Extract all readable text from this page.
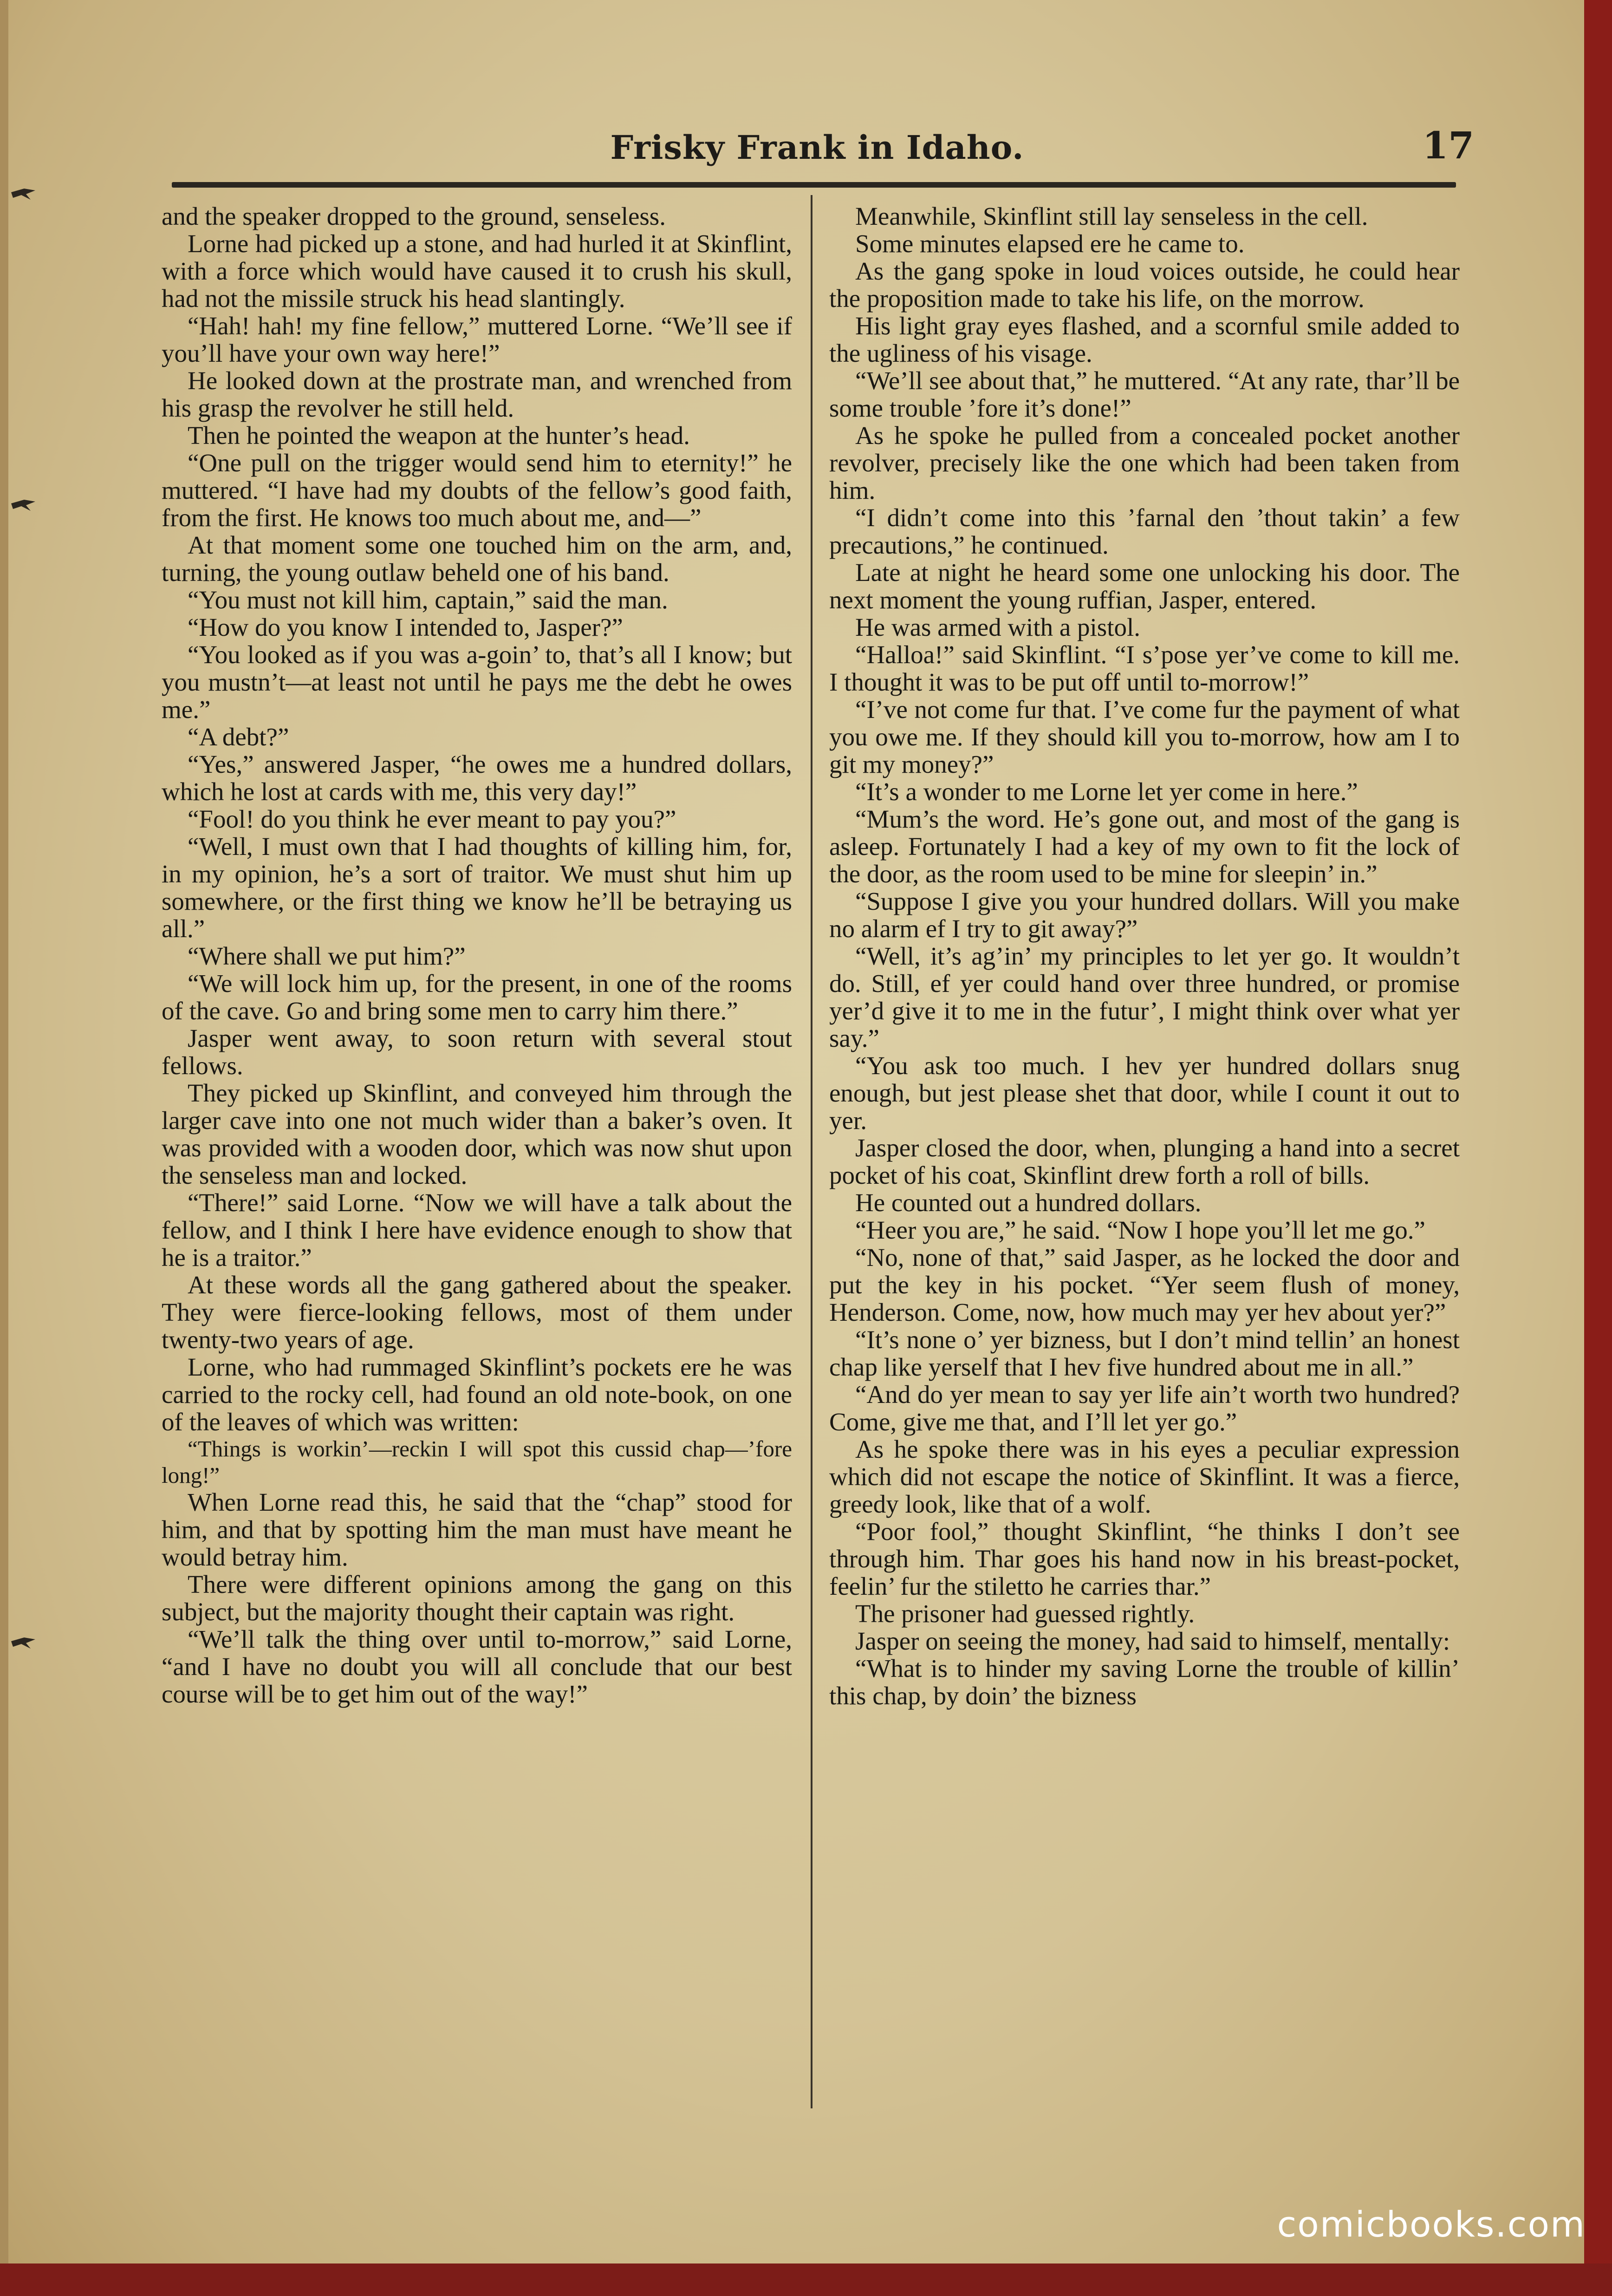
Frisky Frank in Idaho.	17

and the speaker dropped to the ground, senseless.

Lorne had picked up a stone, and had hurled it at Skinflint, with a force which would have caused it to crush his skull, had not the missile struck his head slantingly.

“Hah! hah! my fine fellow,” muttered Lorne. “We’ll see if you’ll have your own way here!”

He looked down at the prostrate man, and wrenched from his grasp the revolver he still held.

Then he pointed the weapon at the hunter’s head.

“One pull on the trigger would send him to eternity!” he muttered. “I have had my doubts of the fellow’s good faith, from the first. He knows too much about me, and—”

At that moment some one touched him on the arm, and, turning, the young outlaw beheld one of his band.

“You must not kill him, captain,” said the man.

“How do you know I intended to, Jasper?”

“You looked as if you was a-goin’ to, that’s all I know; but you mustn’t—at least not until he pays me the debt he owes me.”

“A debt?”

“Yes,” answered Jasper, “he owes me a hundred dollars, which he lost at cards with me, this very day!”

“Fool! do you think he ever meant to pay you?”

“Well, I must own that I had thoughts of killing him, for, in my opinion, he’s a sort of traitor. We must shut him up somewhere, or the first thing we know he’ll be betraying us all.”

“Where shall we put him?”

“We will lock him up, for the present, in one of the rooms of the cave. Go and bring some men to carry him there.”

Jasper went away, to soon return with several stout fellows.

They picked up Skinflint, and conveyed him through the larger cave into one not much wider than a baker’s oven. It was provided with a wooden door, which was now shut upon the senseless man and locked.

“There!” said Lorne. “Now we will have a talk about the fellow, and I think I here have evidence enough to show that he is a traitor.”

At these words all the gang gathered about the speaker. They were fierce-looking fellows, most of them under twenty-two years of age.

Lorne, who had rummaged Skinflint’s pockets ere he was carried to the rocky cell, had found an old note-book, on one of the leaves of which was written:

“Things is workin’—reckin I will spot this cussid chap—’fore long!”

When Lorne read this, he said that the “chap” stood for him, and that by spotting him the man must have meant he would betray him.

There were different opinions among the gang on this subject, but the majority thought their captain was right.

“We’ll talk the thing over until to-morrow,” said Lorne, “and I have no doubt you will all conclude that our best course will be to get him out of the way!”

Meanwhile, Skinflint still lay senseless in the cell.

Some minutes elapsed ere he came to.

As the gang spoke in loud voices outside, he could hear the proposition made to take his life, on the morrow.

His light gray eyes flashed, and a scornful smile added to the ugliness of his visage.

“We’ll see about that,” he muttered. “At any rate, thar’ll be some trouble ’fore it’s done!”

As he spoke he pulled from a concealed pocket another revolver, precisely like the one which had been taken from him.

“I didn’t come into this ’farnal den ’thout takin’ a few precautions,” he continued.

Late at night he heard some one unlocking his door. The next moment the young ruffian, Jasper, entered.

He was armed with a pistol.

“Halloa!” said Skinflint. “I s’pose yer’ve come to kill me. I thought it was to be put off until to-morrow!”

“I’ve not come fur that. I’ve come fur the payment of what you owe me. If they should kill you to-morrow, how am I to git my money?”

“It’s a wonder to me Lorne let yer come in here.”

“Mum’s the word. He’s gone out, and most of the gang is asleep. Fortunately I had a key of my own to fit the lock of the door, as the room used to be mine for sleepin’ in.”

“Suppose I give you your hundred dollars. Will you make no alarm ef I try to git away?”

“Well, it’s ag’in’ my principles to let yer go. It wouldn’t do. Still, ef yer could hand over three hundred, or promise yer’d give it to me in the futur’, I might think over what yer say.”

“You ask too much. I hev yer hundred dollars snug enough, but jest please shet that door, while I count it out to yer.

Jasper closed the door, when, plunging a hand into a secret pocket of his coat, Skinflint drew forth a roll of bills.

He counted out a hundred dollars.

“Heer you are,” he said. “Now I hope you’ll let me go.”

“No, none of that,” said Jasper, as he locked the door and put the key in his pocket. “Yer seem flush of money, Henderson. Come, now, how much may yer hev about yer?”

“It’s none o’ yer bizness, but I don’t mind tellin’ an honest chap like yerself that I hev five hundred about me in all.”

“And do yer mean to say yer life ain’t worth two hundred? Come, give me that, and I’ll let yer go.”

As he spoke there was in his eyes a peculiar expression which did not escape the notice of Skinflint. It was a fierce, greedy look, like that of a wolf.

“Poor fool,” thought Skinflint, “he thinks I don’t see through him. Thar goes his hand now in his breast-pocket, feelin’ fur the stiletto he carries thar.”

The prisoner had guessed rightly.

Jasper on seeing the money, had said to himself, mentally:

“What is to hinder my saving Lorne the trouble of killin’ this chap, by doin’ the bizness

comicbooks.com
